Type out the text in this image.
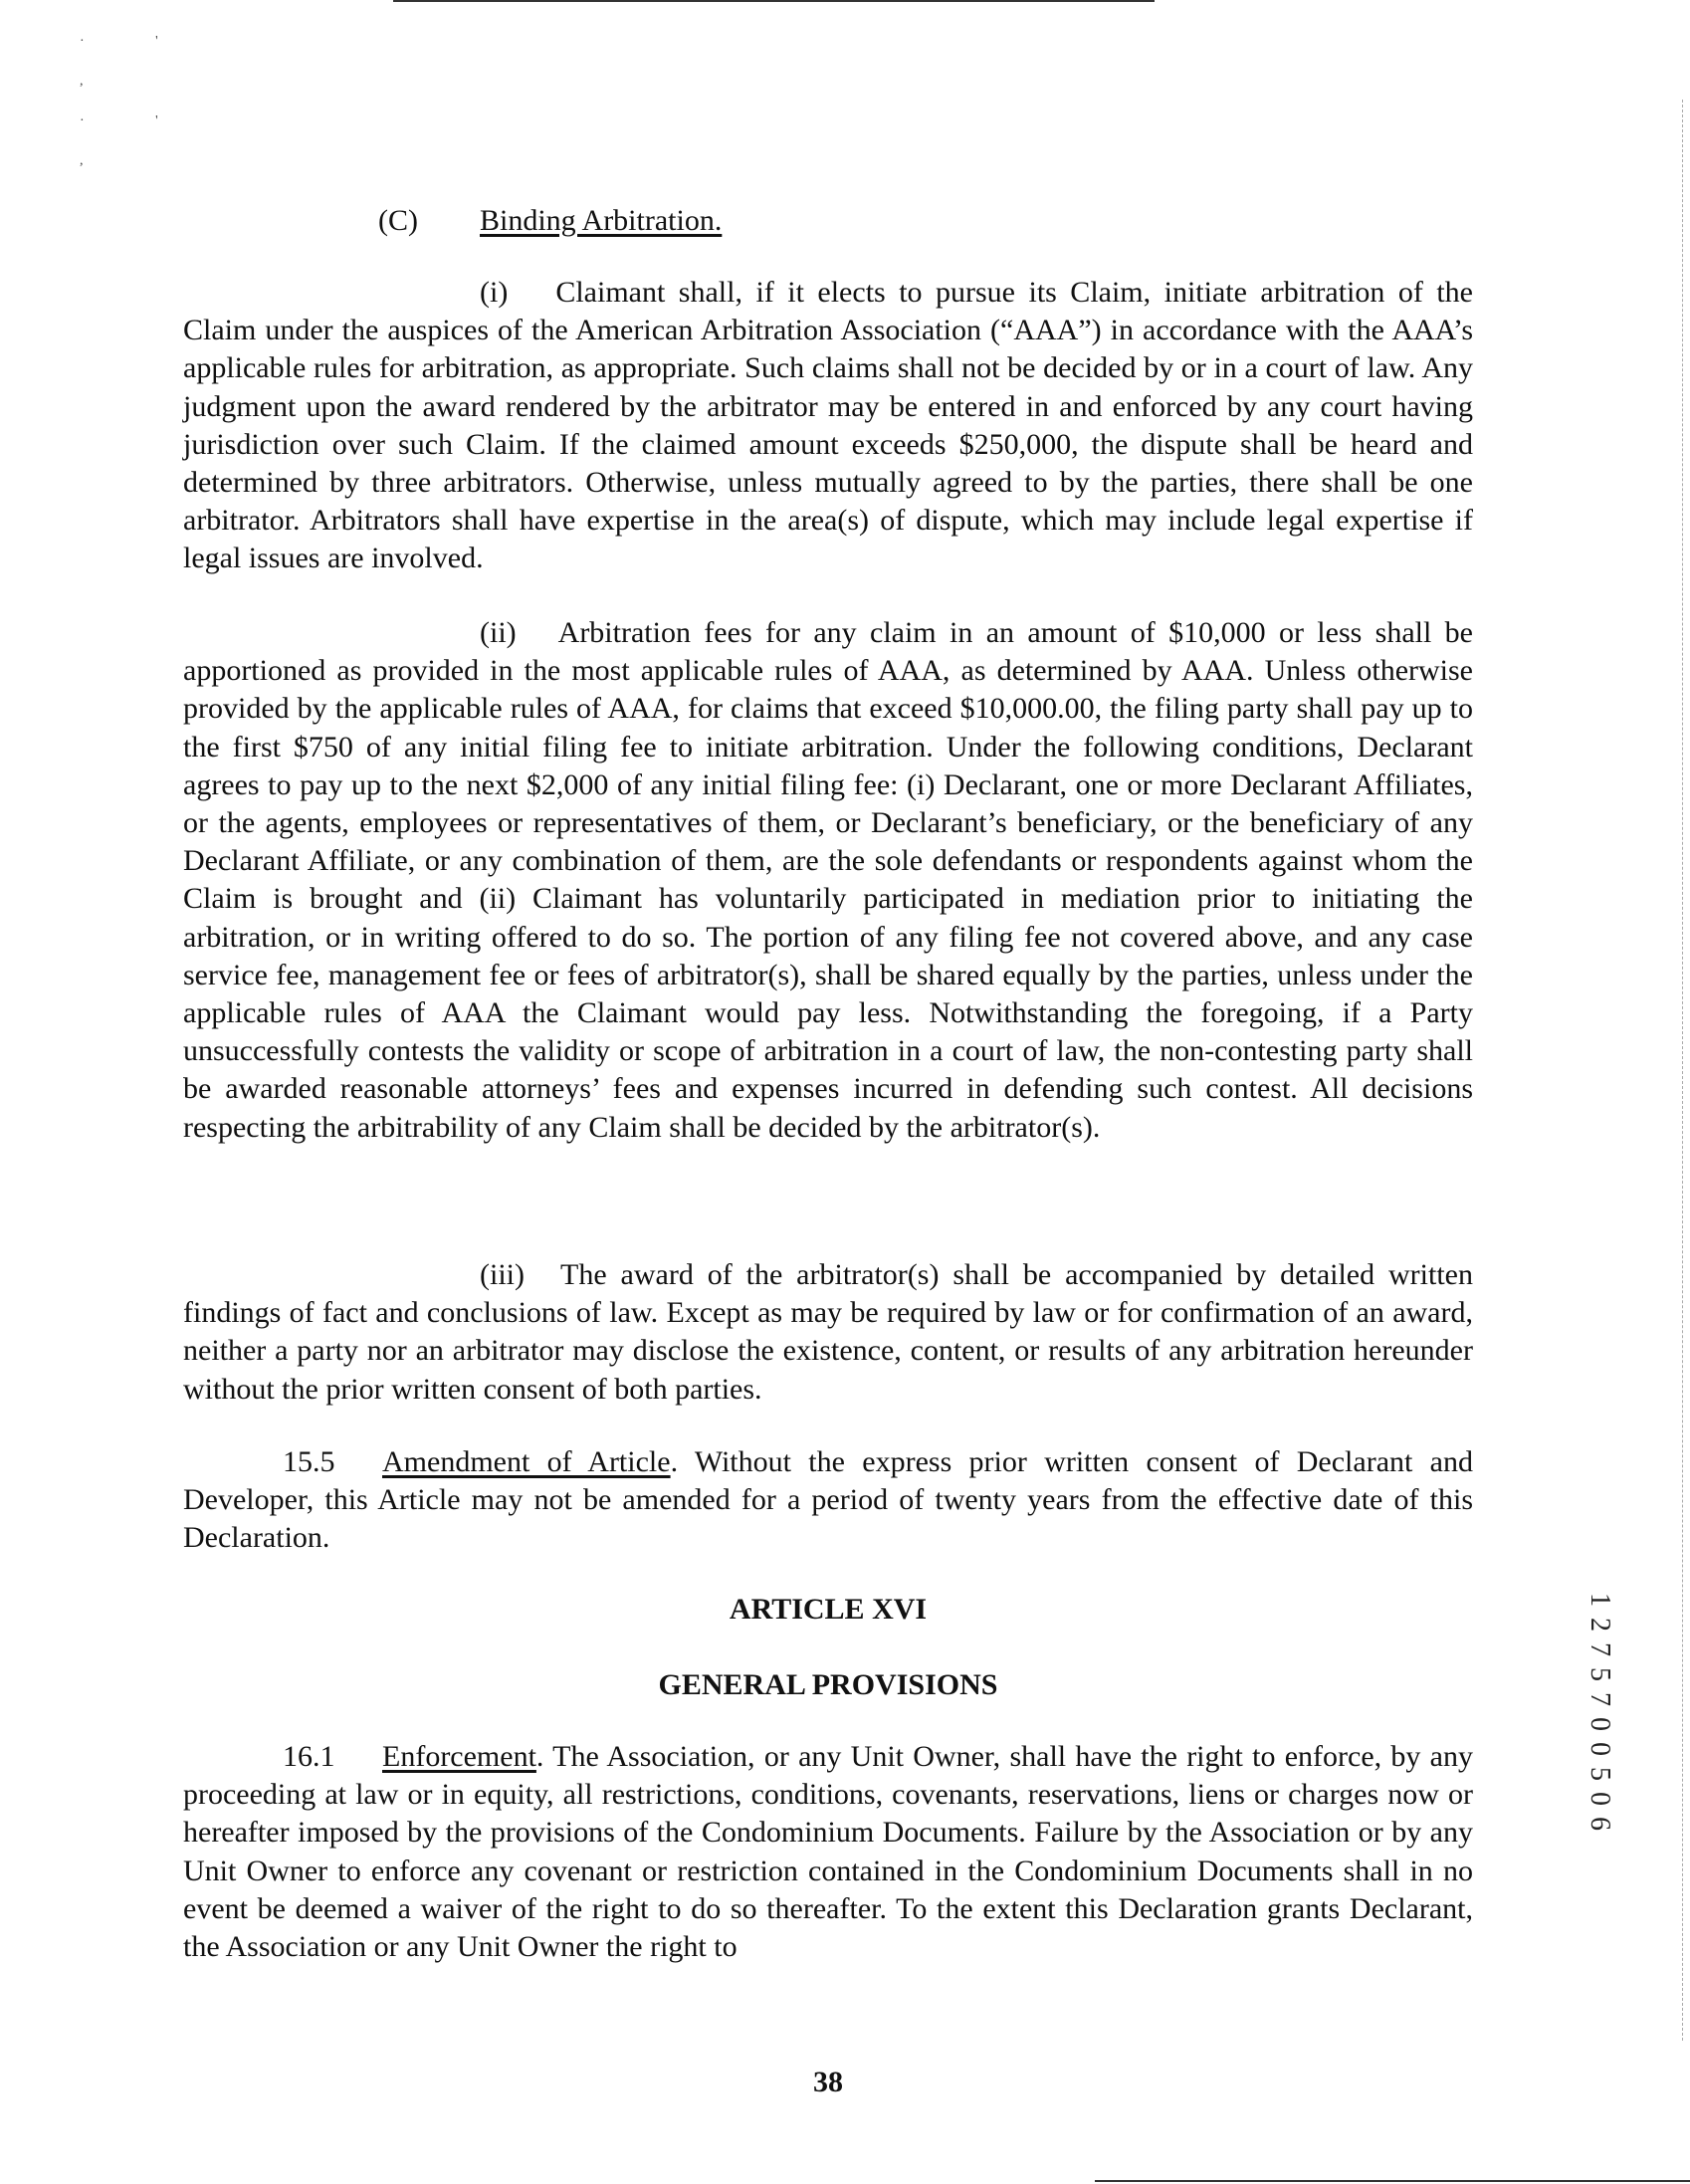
· ' ,
· ' ,
(C) Binding Arbitration.
(i) Claimant shall, if it elects to pursue its Claim, initiate arbitration of the Claim under the auspices of the American Arbitration Association (“AAA”) in accordance with the AAA’s applicable rules for arbitration, as appropriate. Such claims shall not be decided by or in a court of law. Any judgment upon the award rendered by the arbitrator may be entered in and enforced by any court having jurisdiction over such Claim. If the claimed amount exceeds $250,000, the dispute shall be heard and determined by three arbitrators. Otherwise, unless mutually agreed to by the parties, there shall be one arbitrator. Arbitrators shall have expertise in the area(s) of dispute, which may include legal expertise if legal issues are involved.
(ii) Arbitration fees for any claim in an amount of $10,000 or less shall be apportioned as provided in the most applicable rules of AAA, as determined by AAA. Unless otherwise provided by the applicable rules of AAA, for claims that exceed $10,000.00, the filing party shall pay up to the first $750 of any initial filing fee to initiate arbitration. Under the following conditions, Declarant agrees to pay up to the next $2,000 of any initial filing fee: (i) Declarant, one or more Declarant Affiliates, or the agents, employees or representatives of them, or Declarant’s beneficiary, or the beneficiary of any Declarant Affiliate, or any combination of them, are the sole defendants or respondents against whom the Claim is brought and (ii) Claimant has voluntarily participated in mediation prior to initiating the arbitration, or in writing offered to do so. The portion of any filing fee not covered above, and any case service fee, management fee or fees of arbitrator(s), shall be shared equally by the parties, unless under the applicable rules of AAA the Claimant would pay less. Notwithstanding the foregoing, if a Party unsuccessfully contests the validity or scope of arbitration in a court of law, the non-contesting party shall be awarded reasonable attorneys’ fees and expenses incurred in defending such contest. All decisions respecting the arbitrability of any Claim shall be decided by the arbitrator(s).
(iii) The award of the arbitrator(s) shall be accompanied by detailed written findings of fact and conclusions of law. Except as may be required by law or for confirmation of an award, neither a party nor an arbitrator may disclose the existence, content, or results of any arbitration hereunder without the prior written consent of both parties.
15.5 Amendment of Article. Without the express prior written consent of Declarant and Developer, this Article may not be amended for a period of twenty years from the effective date of this Declaration.
ARTICLE XVI
GENERAL PROVISIONS
16.1 Enforcement. The Association, or any Unit Owner, shall have the right to enforce, by any proceeding at law or in equity, all restrictions, conditions, covenants, reservations, liens or charges now or hereafter imposed by the provisions of the Condominium Documents. Failure by the Association or by any Unit Owner to enforce any covenant or restriction contained in the Condominium Documents shall in no event be deemed a waiver of the right to do so thereafter. To the extent this Declaration grants Declarant, the Association or any Unit Owner the right to
1 2 7 5 7 0 0 5 0 6
38
